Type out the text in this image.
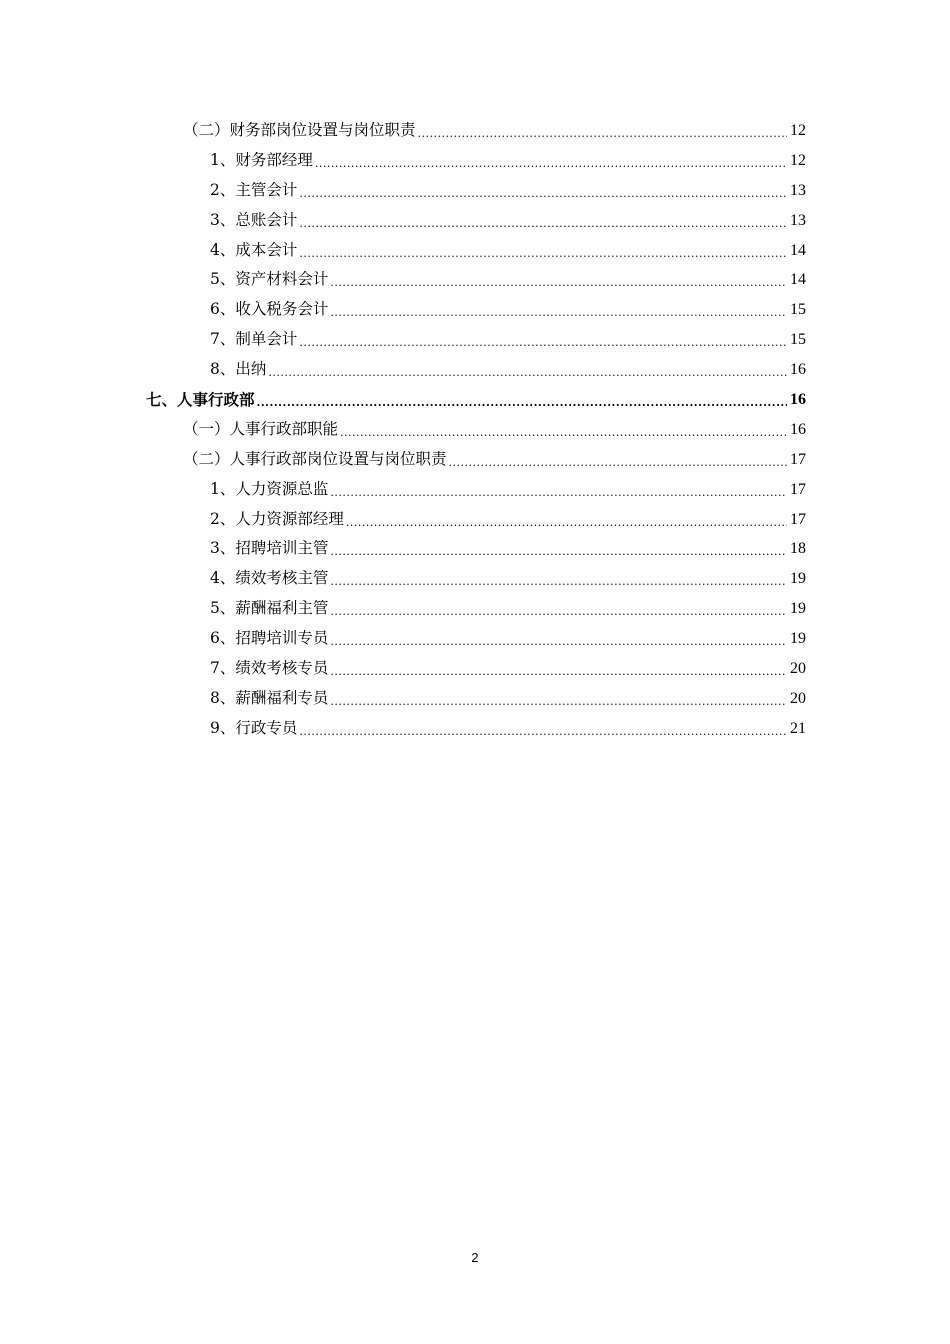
（二）财务部岗位设置与岗位职责 .....	12
1、财务部经理 .....	12
2、主管会计 .....	13
3、总账会计 .....	13
4、成本会计 .....	14
5、资产材料会计 .....	14
6、收入税务会计 .....	15
7、制单会计 .....	15
8、出纳 .....	16
七、人事行政部 .....	16
（一）人事行政部职能 .....	16
（二）人事行政部岗位设置与岗位职责 .....	17
1、人力资源总监 .....	17
2、人力资源部经理 .....	17
3、招聘培训主管 .....	18
4、绩效考核主管 .....	19
5、薪酬福利主管 .....	19
6、招聘培训专员 .....	19
7、绩效考核专员 .....	20
8、薪酬福利专员 .....	20
9、行政专员 .....	21
2
